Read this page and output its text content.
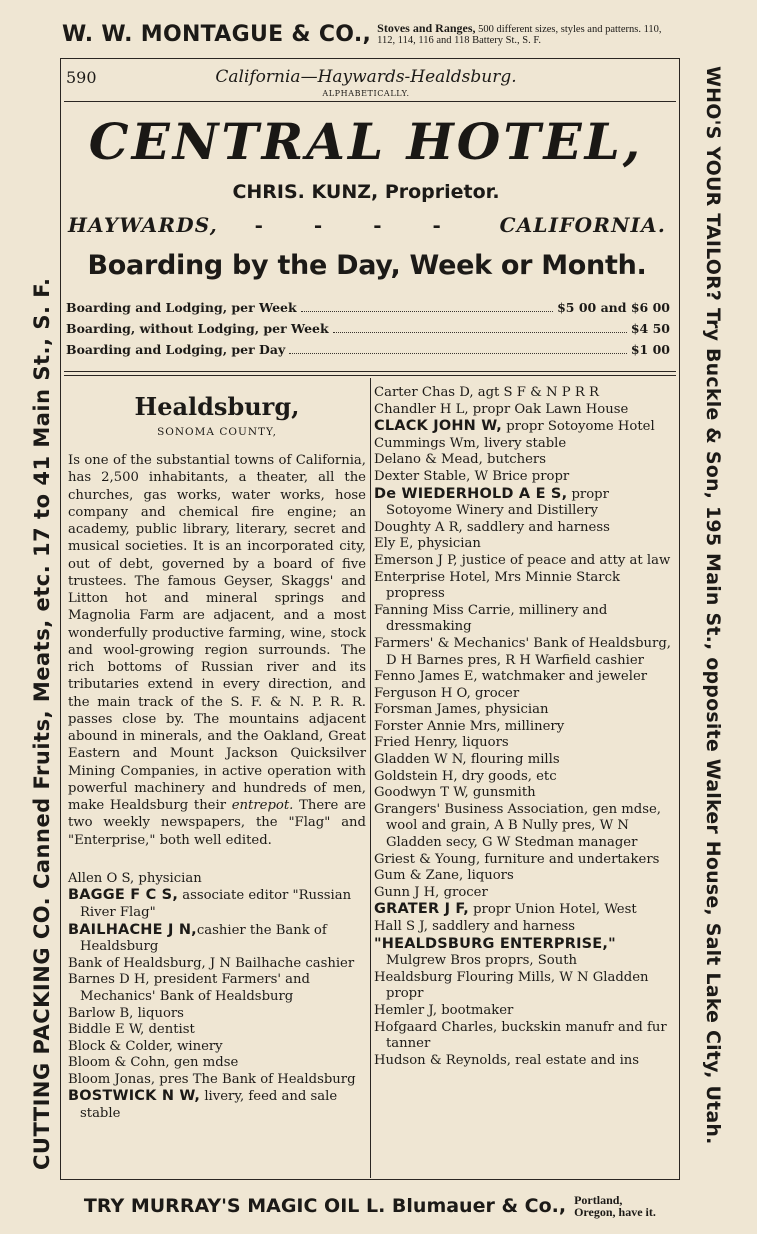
W. W. MONTAGUE & CO., Stoves and Ranges, 500 different sizes, styles and patterns. 110, 112, 114, 116 and 118 Battery St., S. F.
CUTTING PACKING CO. Canned Fruits, Meats, etc. 17 to 41 Main St., S. F.	WHO'S YOUR TAILOR? Try Buckle & Son, 195 Main St., opposite Walker House, Salt Lake City, Utah.
590	California—Haywards-Healdsburg.
ALPHABETICALLY.
CENTRAL HOTEL,
CHRIS. KUNZ, Proprietor.
HAYWARDS, - - - - CALIFORNIA.
Boarding by the Day, Week or Month.
Boarding and Lodging, per Week	$5 00 and $6 00
Boarding, without Lodging, per Week	$4 50
Boarding and Lodging, per Day	$1 00
Healdsburg,
SONOMA COUNTY,

Is one of the substantial towns of California, has 2,500 inhabitants, a theater, all the churches, gas works, water works, hose company and chemical fire engine; an academy, public library, literary, secret and musical societies. It is an incorporated city, out of debt, governed by a board of five trustees. The famous Geyser, Skaggs' and Litton hot and mineral springs and Magnolia Farm are adjacent, and a most wonderfully productive farming, wine, stock and wool-growing region surrounds. The rich bottoms of Russian river and its tributaries extend in every direction, and the main track of the S. F. & N. P. R. R. passes close by. The mountains adjacent abound in minerals, and the Oakland, Great Eastern and Mount Jackson Quicksilver Mining Companies, in active operation with powerful machinery and hundreds of men, make Healdsburg their entrepot. There are two weekly newspapers, the "Flag" and "Enterprise," both well edited.

Allen O S, physician
BAGGE F C S, associate editor "Russian River Flag"
BAILHACHE J N,cashier the Bank of Healdsburg
Bank of Healdsburg, J N Bailhache cashier
Barnes D H, president Farmers' and Mechanics' Bank of Healdsburg
Barlow B, liquors
Biddle E W, dentist
Block & Colder, winery
Bloom & Cohn, gen mdse
Bloom Jonas, pres The Bank of Healdsburg
BOSTWICK N W, livery, feed and sale stable
Carter Chas D, agt S F & N P R R
Chandler H L, propr Oak Lawn House
CLACK JOHN W, propr Sotoyome Hotel
Cummings Wm, livery stable
Delano & Mead, butchers
Dexter Stable, W Brice propr
De WIEDERHOLD A E S, propr Sotoyome Winery and Distillery
Doughty A R, saddlery and harness
Ely E, physician
Emerson J P, justice of peace and atty at law
Enterprise Hotel, Mrs Minnie Starck propress
Fanning Miss Carrie, millinery and dressmaking
Farmers' & Mechanics' Bank of Healdsburg, D H Barnes pres, R H Warfield cashier
Fenno James E, watchmaker and jeweler
Ferguson H O, grocer
Forsman James, physician
Forster Annie Mrs, millinery
Fried Henry, liquors
Gladden W N, flouring mills
Goldstein H, dry goods, etc
Goodwyn T W, gunsmith
Grangers' Business Association, gen mdse, wool and grain, A B Nully pres, W N Gladden secy, G W Stedman manager
Griest & Young, furniture and undertakers
Gum & Zane, liquors
Gunn J H, grocer
GRATER J F, propr Union Hotel, West
Hall S J, saddlery and harness
"HEALDSBURG ENTERPRISE," Mulgrew Bros proprs, South
Healdsburg Flouring Mills, W N Gladden propr
Hemler J, bootmaker
Hofgaard Charles, buckskin manufr and fur tanner
Hudson & Reynolds, real estate and ins
TRY MURRAY'S MAGIC OIL L. Blumauer & Co., Portland, Oregon, have it.
